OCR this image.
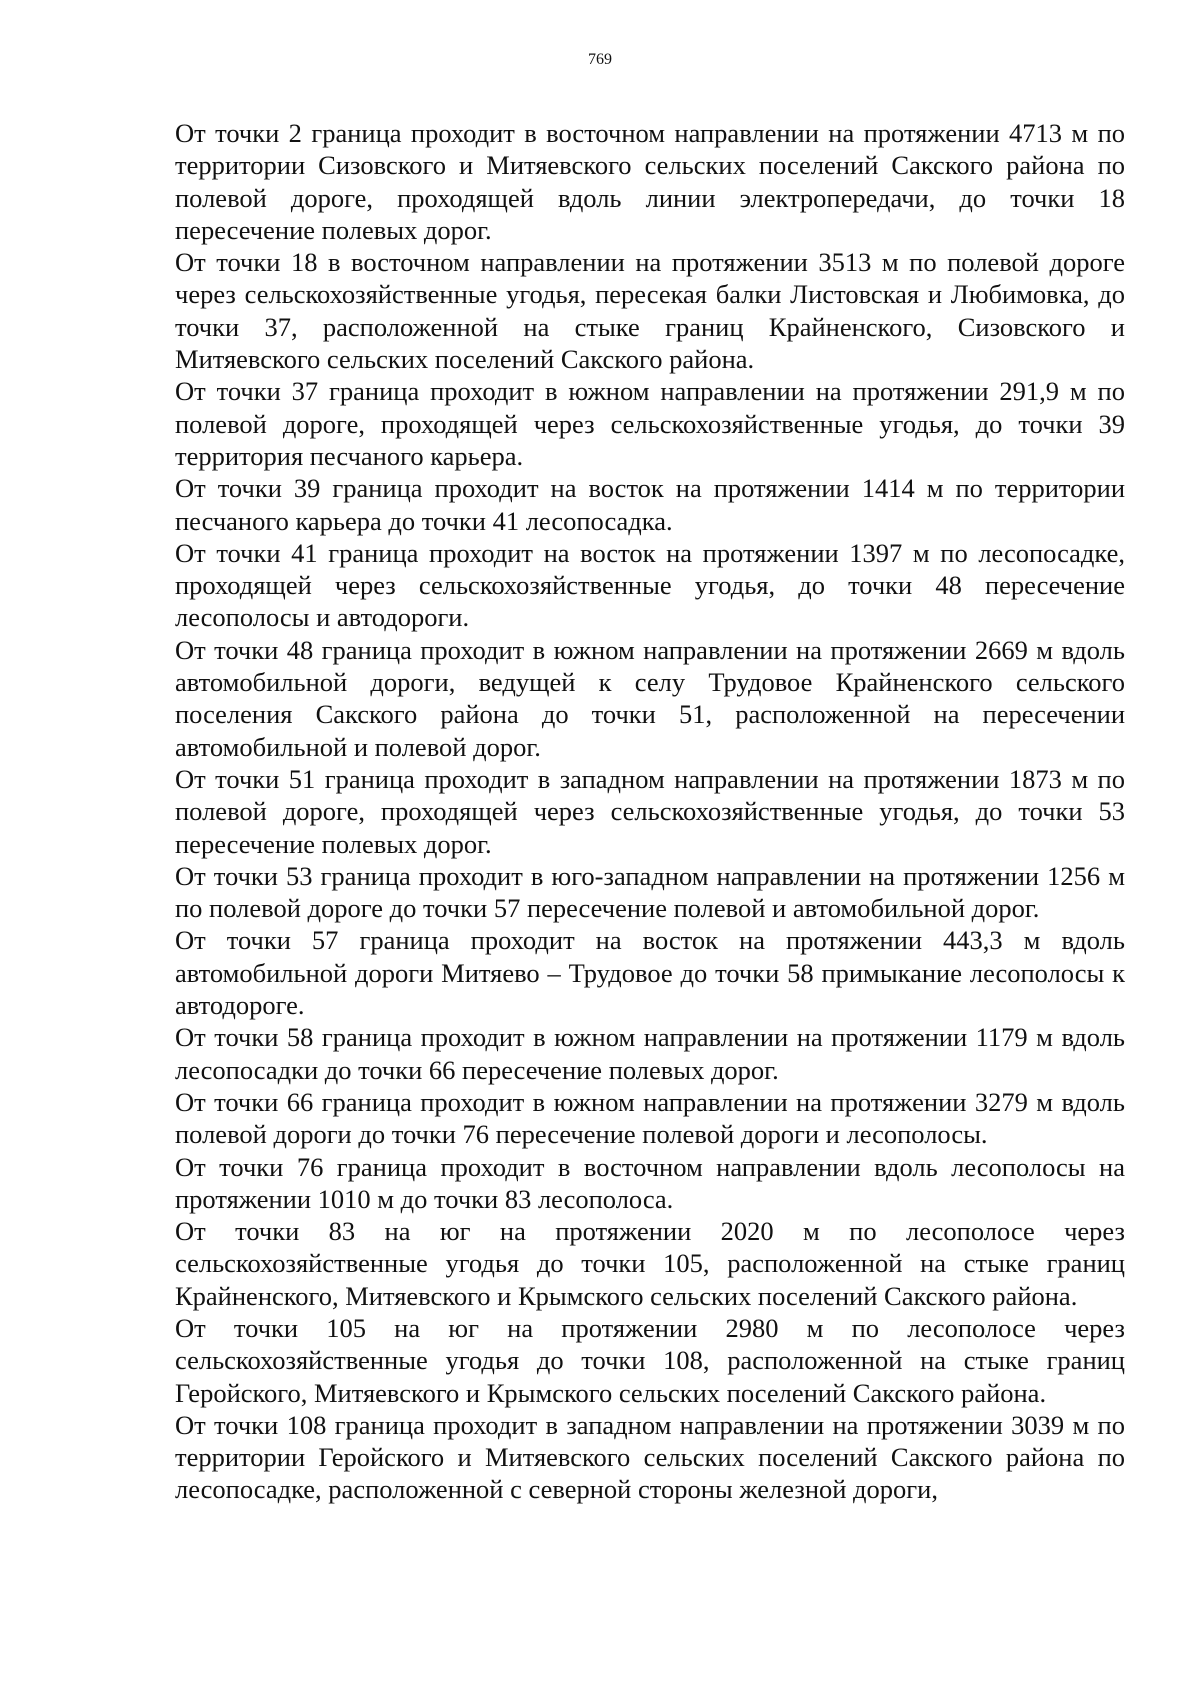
769

От точки 2 граница проходит в восточном направлении на протяжении 4713 м по территории Сизовского и Митяевского сельских поселений Сакского района по полевой дороге, проходящей вдоль линии электропередачи, до точки 18 пересечение полевых дорог.

От точки 18 в восточном направлении на протяжении 3513 м по полевой дороге через сельскохозяйственные угодья, пересекая балки Листовская и Любимовка, до точки 37, расположенной на стыке границ Крайненского, Сизовского и Митяевского сельских поселений Сакского района.

От точки 37 граница проходит в южном направлении на протяжении 291,9 м по полевой дороге, проходящей через сельскохозяйственные угодья, до точки 39 территория песчаного карьера.

От точки 39 граница проходит на восток на протяжении 1414 м по территории песчаного карьера до точки 41 лесопосадка.

От точки 41 граница проходит на восток на протяжении 1397 м по лесопосадке, проходящей через сельскохозяйственные угодья, до точки 48 пересечение лесополосы и автодороги.

От точки 48 граница проходит в южном направлении на протяжении 2669 м вдоль автомобильной дороги, ведущей к селу Трудовое Крайненского сельского поселения Сакского района до точки 51, расположенной на пересечении автомобильной и полевой дорог.

От точки 51 граница проходит в западном направлении на протяжении 1873 м по полевой дороге, проходящей через сельскохозяйственные угодья, до точки 53 пересечение полевых дорог.

От точки 53 граница проходит в юго-западном направлении на протяжении 1256 м по полевой дороге до точки 57 пересечение полевой и автомобильной дорог.

От точки 57 граница проходит на восток на протяжении 443,3 м вдоль автомобильной дороги Митяево – Трудовое до точки 58 примыкание лесополосы к автодороге.

От точки 58 граница проходит в южном направлении на протяжении 1179 м вдоль лесопосадки до точки 66 пересечение полевых дорог.

От точки 66 граница проходит в южном направлении на протяжении 3279 м вдоль полевой дороги до точки 76 пересечение полевой дороги и лесополосы.

От точки 76 граница проходит в восточном направлении вдоль лесополосы на протяжении 1010 м до точки 83 лесополоса.

От точки 83 на юг на протяжении 2020 м по лесополосе через сельскохозяйственные угодья до точки 105, расположенной на стыке границ Крайненского, Митяевского и Крымского сельских поселений Сакского района.

От точки 105 на юг на протяжении 2980 м по лесополосе через сельскохозяйственные угодья до точки 108, расположенной на стыке границ Геройского, Митяевского и Крымского сельских поселений Сакского района.

От точки 108 граница проходит в западном направлении на протяжении 3039 м по территории Геройского и Митяевского сельских поселений Сакского района по лесопосадке, расположенной с северной стороны железной дороги,
